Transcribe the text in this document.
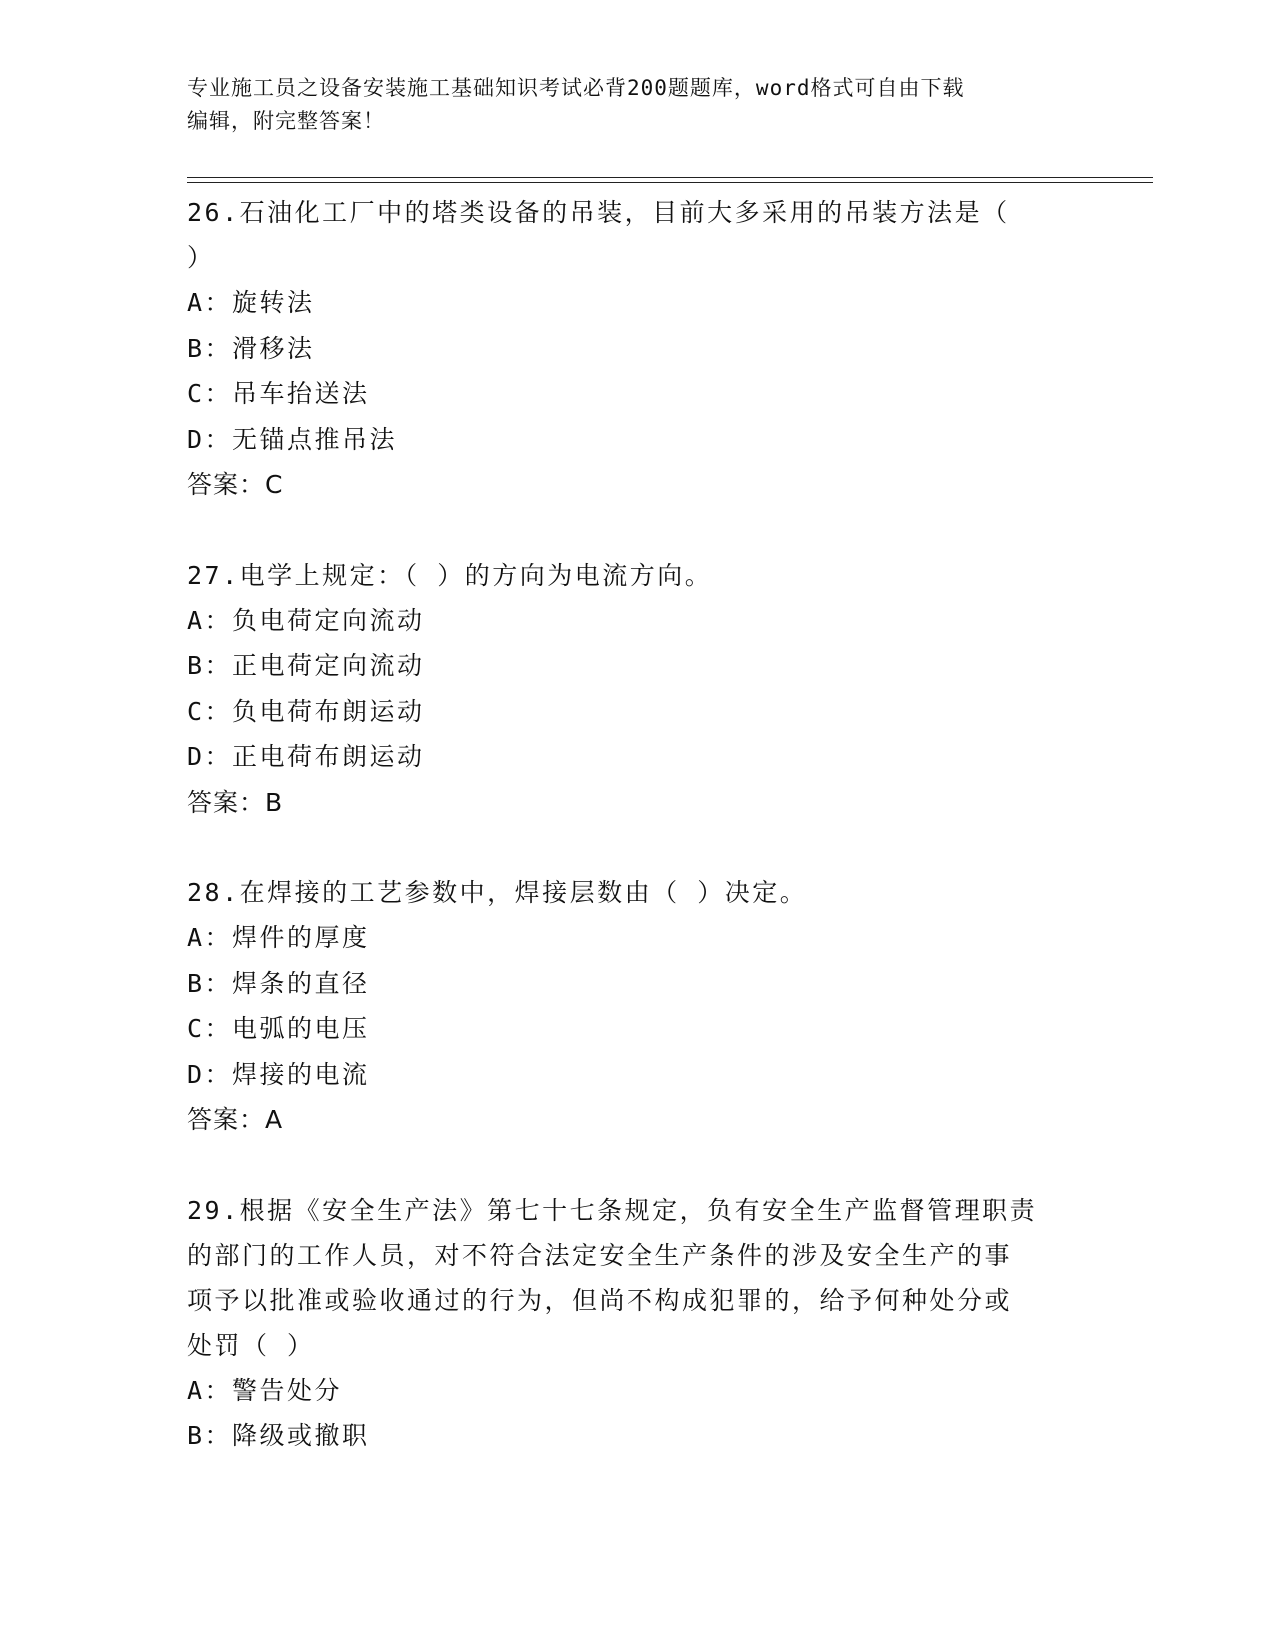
专业施工员之设备安装施工基础知识考试必背200题题库，word格式可自由下载
编辑，附完整答案！
26.石油化工厂中的塔类设备的吊装，目前大多采用的吊装方法是（
）
A：旋转法
B：滑移法
C：吊车抬送法
D：无锚点推吊法
答案：C
27.电学上规定：（ ）的方向为电流方向。
A：负电荷定向流动
B：正电荷定向流动
C：负电荷布朗运动
D：正电荷布朗运动
答案：B
28.在焊接的工艺参数中，焊接层数由（ ）决定。
A：焊件的厚度
B：焊条的直径
C：电弧的电压
D：焊接的电流
答案：A
29.根据《安全生产法》第七十七条规定，负有安全生产监督管理职责
的部门的工作人员，对不符合法定安全生产条件的涉及安全生产的事
项予以批准或验收通过的行为，但尚不构成犯罪的，给予何种处分或
处罚（ ）
A：警告处分
B：降级或撤职
